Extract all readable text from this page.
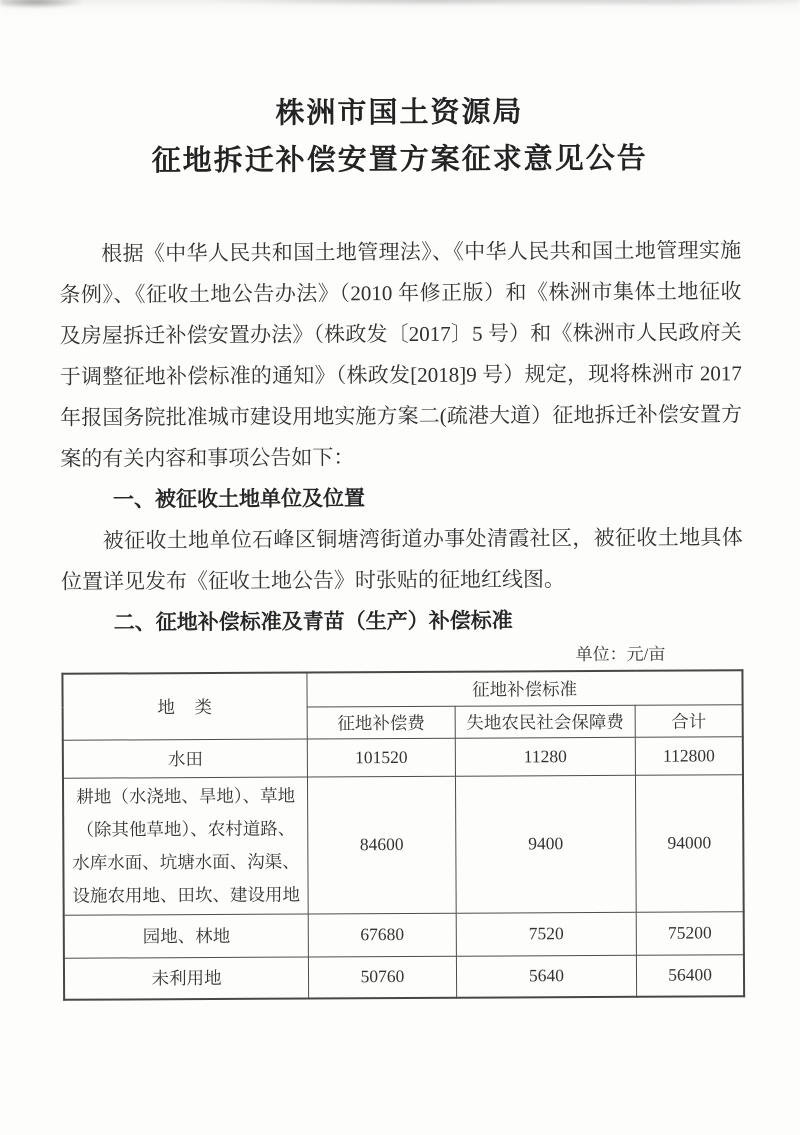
株洲市国土资源局
征地拆迁补偿安置方案征求意见公告

根据《中华人民共和国土地管理法》、《中华人民共和国土地管理实施条例》、《征收土地公告办法》（2010 年修正版）和《株洲市集体土地征收及房屋拆迁补偿安置办法》（株政发〔2017〕5 号）和《株洲市人民政府关于调整征地补偿标准的通知》（株政发[2018]9 号）规定，现将株洲市 2017 年报国务院批准城市建设用地实施方案二(疏港大道）征地拆迁补偿安置方案的有关内容和事项公告如下：

一、被征收土地单位及位置

被征收土地单位石峰区铜塘湾街道办事处清霞社区，被征收土地具体位置详见发布《征收土地公告》时张贴的征地红线图。

二、征地补偿标准及青苗（生产）补偿标准

单位：元/亩
地　类	征地补偿标准		
	征地补偿费	失地农民社会保障费	合计
水田	101520	11280	112800
耕地（水浇地、旱地）、草地（除其他草地）、农村道路、水库水面、坑塘水面、沟渠、设施农用地、田坎、建设用地	84600	9400	94000
园地、林地	67680	7520	75200
未利用地	50760	5640	56400
